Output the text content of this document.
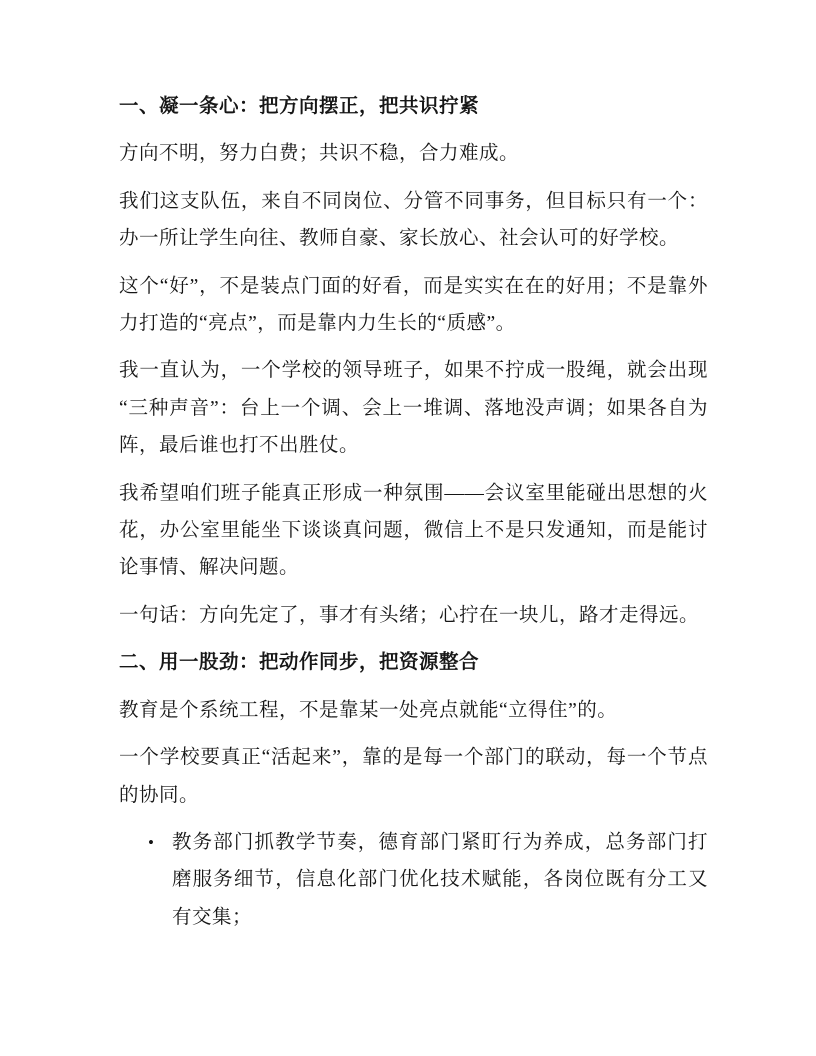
一、凝一条心：把方向摆正，把共识拧紧

方向不明，努力白费；共识不稳，合力难成。

我们这支队伍，来自不同岗位、分管不同事务，但目标只有一个：办一所让学生向往、教师自豪、家长放心、社会认可的好学校。

这个“好”，不是装点门面的好看，而是实实在在的好用；不是靠外力打造的“亮点”，而是靠内力生长的“质感”。

我一直认为，一个学校的领导班子，如果不拧成一股绳，就会出现“三种声音”：台上一个调、会上一堆调、落地没声调；如果各自为阵，最后谁也打不出胜仗。

我希望咱们班子能真正形成一种氛围——会议室里能碰出思想的火花，办公室里能坐下谈谈真问题，微信上不是只发通知，而是能讨论事情、解决问题。

一句话：方向先定了，事才有头绪；心拧在一块儿，路才走得远。

二、用一股劲：把动作同步，把资源整合

教育是个系统工程，不是靠某一处亮点就能“立得住”的。

一个学校要真正“活起来”，靠的是每一个部门的联动，每一个节点的协同。

• 教务部门抓教学节奏，德育部门紧盯行为养成，总务部门打磨服务细节，信息化部门优化技术赋能，各岗位既有分工又有交集；
